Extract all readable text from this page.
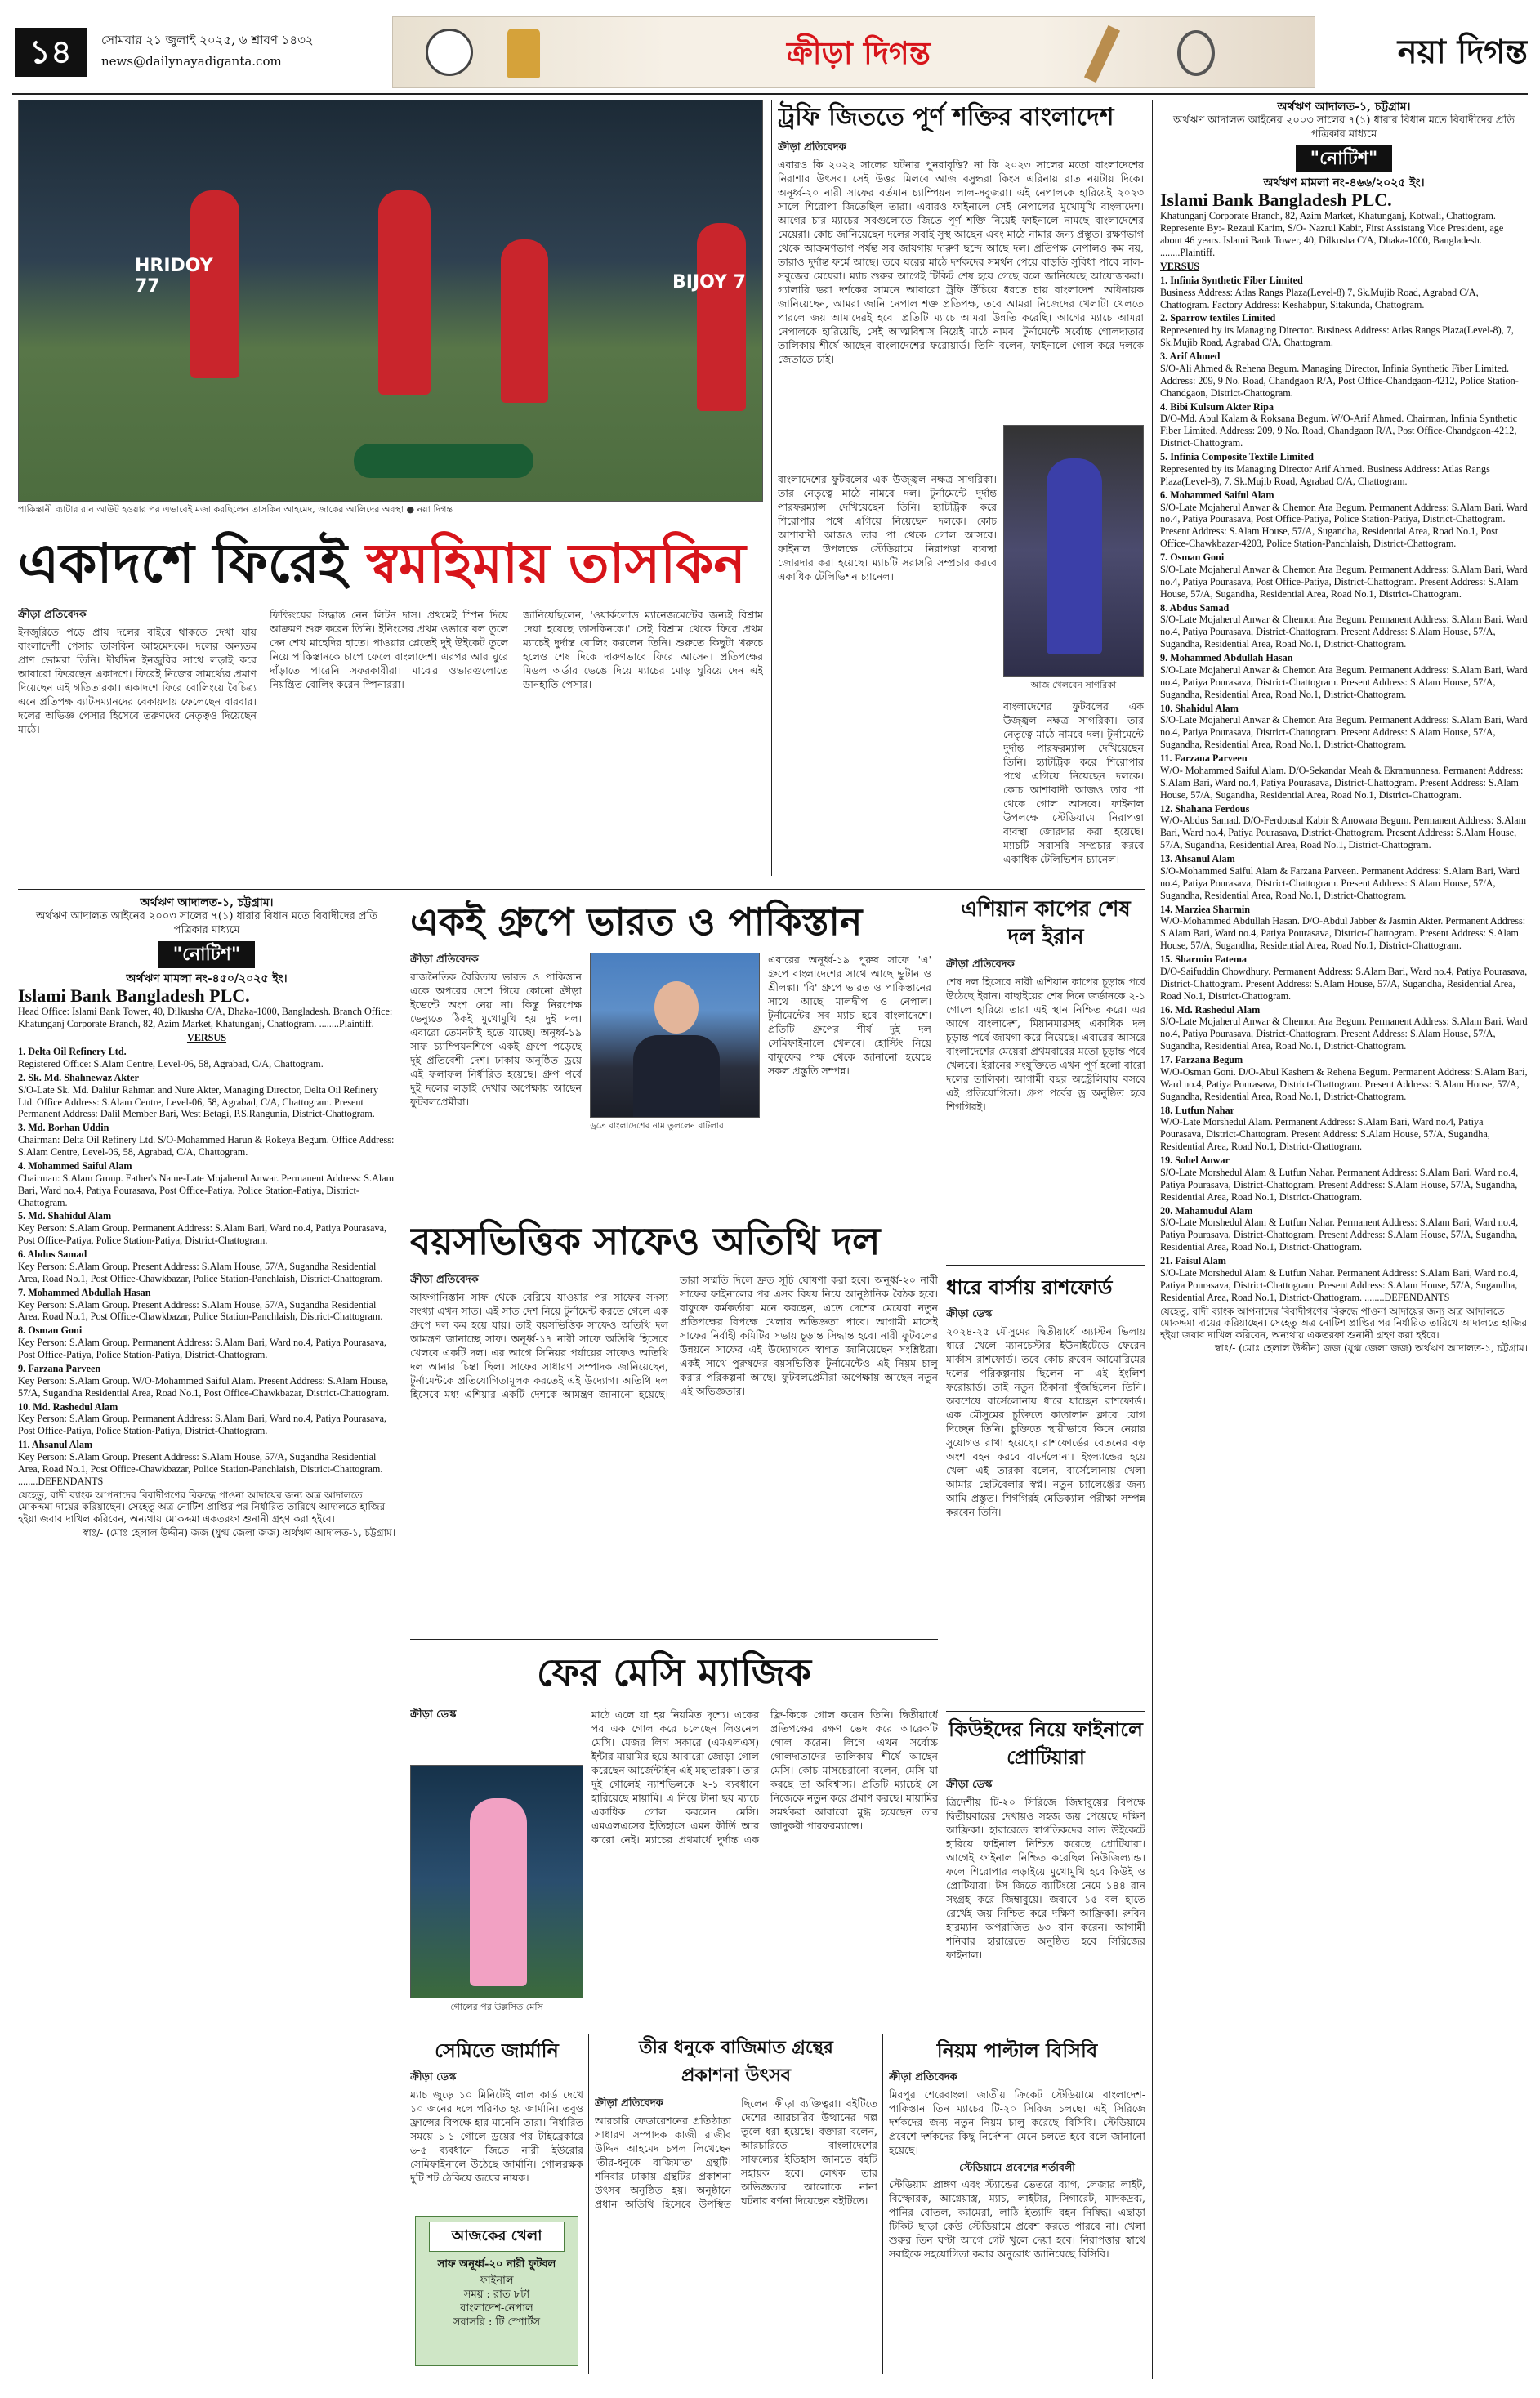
১৪	সোমবার ২১ জুলাই ২০২৫, ৬ শ্রাবণ ১৪৩২
news@dailynayadiganta.com	ক্রীড়া দিগন্ত	নয়া দিগন্ত
HRIDOY 77	BIJOY 7
পাকিস্তানী ব্যাটার রান আউট হওয়ার পর এভাবেই মজা করছিলেন তাসকিন আহমেদ, জাকের আলিদের অবস্থা ● নয়া দিগন্ত
একাদশে ফিরেই স্বমহিমায় তাসকিন
ক্রীড়া প্রতিবেদক
ইনজুরিতে পড়ে প্রায় দলের বাইরে থাকতে দেখা যায় বাংলাদেশী পেসার তাসকিন আহমেদকে। দলের অন্যতম প্রাণ ভোমরা তিনি। দীর্ঘদিন ইনজুরির সাথে লড়াই করে আবারো ফিরেছেন একাদশে। ফিরেই নিজের সামর্থ্যের প্রমাণ দিয়েছেন এই গতিতারকা। একাদশে ফিরে বোলিংয়ে বৈচিত্র্য এনে প্রতিপক্ষ ব্যাটসম্যানদের বেকায়দায় ফেলেছেন বারবার। দলের অভিজ্ঞ পেসার হিসেবে তরুণদের নেতৃত্বও দিয়েছেন মাঠে।
ফিল্ডিংয়ের সিদ্ধান্ত নেন লিটন দাস। প্রথমেই স্পিন দিয়ে আক্রমণ শুরু করেন তিনি। ইনিংসের প্রথম ওভারে বল তুলে দেন শেখ মাহেদির হাতে। পাওয়ার প্লেতেই দুই উইকেট তুলে নিয়ে পাকিস্তানকে চাপে ফেলে বাংলাদেশ। এরপর আর ঘুরে দাঁড়াতে পারেনি সফরকারীরা। মাঝের ওভারগুলোতে নিয়ন্ত্রিত বোলিং করেন স্পিনাররা।
জানিয়েছিলেন, 'ওয়ার্কলোড ম্যানেজমেন্টের জন্যই বিশ্রাম দেয়া হয়েছে তাসকিনকে।' সেই বিশ্রাম থেকে ফিরে প্রথম ম্যাচেই দুর্দান্ত বোলিং করলেন তিনি। শুরুতে কিছুটা খরুচে হলেও শেষ দিকে দারুণভাবে ফিরে আসেন। প্রতিপক্ষের মিডল অর্ডার ভেঙে দিয়ে ম্যাচের মোড় ঘুরিয়ে দেন এই ডানহাতি পেসার।
ট্রফি জিততে পূর্ণ শক্তির বাংলাদেশ
ক্রীড়া প্রতিবেদক
এবারও কি ২০২২ সালের ঘটনার পুনরাবৃত্তি? না কি ২০২৩ সালের মতো বাংলাদেশের নিরাশার উৎসব। সেই উত্তর মিলবে আজ বসুন্ধরা কিংস এরিনায় রাত নয়টায় দিকে। অনূর্ধ্ব-২০ নারী সাফের বর্তমান চ্যাম্পিয়ন লাল-সবুজরা। এই নেপালকে হারিয়েই ২০২৩ সালে শিরোপা জিতেছিল তারা। এবারও ফাইনালে সেই নেপালের মুখোমুখি বাংলাদেশ। আগের চার ম্যাচের সবগুলোতে জিতে পূর্ণ শক্তি নিয়েই ফাইনালে নামছে বাংলাদেশের মেয়েরা। কোচ জানিয়েছেন দলের সবাই সুস্থ আছেন এবং মাঠে নামার জন্য প্রস্তুত। রক্ষণভাগ থেকে আক্রমণভাগ পর্যন্ত সব জায়গায় দারুণ ছন্দে আছে দল। প্রতিপক্ষ নেপালও কম নয়, তারাও দুর্দান্ত ফর্মে আছে। তবে ঘরের মাঠে দর্শকদের সমর্থন পেয়ে বাড়তি সুবিধা পাবে লাল-সবুজের মেয়েরা। ম্যাচ শুরুর আগেই টিকিট শেষ হয়ে গেছে বলে জানিয়েছে আয়োজকরা। গ্যালারি ভরা দর্শকের সামনে আবারো ট্রফি উঁচিয়ে ধরতে চায় বাংলাদেশ। অধিনায়ক জানিয়েছেন, আমরা জানি নেপাল শক্ত প্রতিপক্ষ, তবে আমরা নিজেদের খেলাটা খেলতে পারলে জয় আমাদেরই হবে। প্রতিটি ম্যাচে আমরা উন্নতি করেছি। আগের ম্যাচে আমরা নেপালকে হারিয়েছি, সেই আত্মবিশ্বাস নিয়েই মাঠে নামব। টুর্নামেন্টে সর্বোচ্চ গোলদাতার তালিকায় শীর্ষে আছেন বাংলাদেশের ফরোয়ার্ড। তিনি বলেন, ফাইনালে গোল করে দলকে জেতাতে চাই।
বাংলাদেশের ফুটবলের এক উজ্জ্বল নক্ষত্র সাগরিকা। তার নেতৃত্বে মাঠে নামবে দল। টুর্নামেন্টে দুর্দান্ত পারফরম্যান্স দেখিয়েছেন তিনি। হ্যাটট্রিক করে শিরোপার পথে এগিয়ে নিয়েছেন দলকে। কোচ আশাবাদী আজও তার পা থেকে গোল আসবে। ফাইনাল উপলক্ষে স্টেডিয়ামে নিরাপত্তা ব্যবস্থা জোরদার করা হয়েছে। ম্যাচটি সরাসরি সম্প্রচার করবে একাধিক টেলিভিশন চ্যানেল।
আজ খেলবেন সাগরিকা
বাংলাদেশের ফুটবলের এক উজ্জ্বল নক্ষত্র সাগরিকা। তার নেতৃত্বে মাঠে নামবে দল। টুর্নামেন্টে দুর্দান্ত পারফরম্যান্স দেখিয়েছেন তিনি। হ্যাটট্রিক করে শিরোপার পথে এগিয়ে নিয়েছেন দলকে। কোচ আশাবাদী আজও তার পা থেকে গোল আসবে। ফাইনাল উপলক্ষে স্টেডিয়ামে নিরাপত্তা ব্যবস্থা জোরদার করা হয়েছে। ম্যাচটি সরাসরি সম্প্রচার করবে একাধিক টেলিভিশন চ্যানেল।
অর্থঋণ আদালত-১, চট্টগ্রাম।
অর্থঋণ আদালত আইনের ২০০৩ সালের ৭(১) ধারার বিধান মতে বিবাদীদের প্রতি পত্রিকার মাধ্যমে
"নোটিশ"
অর্থঋণ মামলা নং-৪৫০/২০২৫ ইং।
Islami Bank Bangladesh PLC.
Head Office: Islami Bank Tower, 40, Dilkusha C/A, Dhaka-1000, Bangladesh. Branch Office: Khatunganj Corporate Branch, 82, Azim Market, Khatunganj, Chattogram. ........Plaintiff.
VERSUS
1. Delta Oil Refinery Ltd.
Registered Office: S.Alam Centre, Level-06, 58, Agrabad, C/A, Chattogram.
2. Sk. Md. Shahnewaz Akter
S/O-Late Sk. Md. Dalilur Rahman and Nure Akter, Managing Director, Delta Oil Refinery Ltd. Office Address: S.Alam Centre, Level-06, 58, Agrabad, C/A, Chattogram. Present Permanent Address: Dalil Member Bari, West Betagi, P.S.Rangunia, District-Chattogram.
3. Md. Borhan Uddin
Chairman: Delta Oil Refinery Ltd. S/O-Mohammed Harun & Rokeya Begum. Office Address: S.Alam Centre, Level-06, 58, Agrabad, C/A, Chattogram.
4. Mohammed Saiful Alam
Chairman: S.Alam Group. Father's Name-Late Mojaherul Anwar. Permanent Address: S.Alam Bari, Ward no.4, Patiya Pourasava, Post Office-Patiya, Police Station-Patiya, District-Chattogram.
5. Md. Shahidul Alam
Key Person: S.Alam Group. Permanent Address: S.Alam Bari, Ward no.4, Patiya Pourasava, Post Office-Patiya, Police Station-Patiya, District-Chattogram.
6. Abdus Samad
Key Person: S.Alam Group. Present Address: S.Alam House, 57/A, Sugandha Residential Area, Road No.1, Post Office-Chawkbazar, Police Station-Panchlaish, District-Chattogram.
7. Mohammed Abdullah Hasan
Key Person: S.Alam Group. Present Address: S.Alam House, 57/A, Sugandha Residential Area, Road No.1, Post Office-Chawkbazar, Police Station-Panchlaish, District-Chattogram.
8. Osman Goni
Key Person: S.Alam Group. Permanent Address: S.Alam Bari, Ward no.4, Patiya Pourasava, Post Office-Patiya, Police Station-Patiya, District-Chattogram.
9. Farzana Parveen
Key Person: S.Alam Group. W/O-Mohammed Saiful Alam. Present Address: S.Alam House, 57/A, Sugandha Residential Area, Road No.1, Post Office-Chawkbazar, District-Chattogram.
10. Md. Rashedul Alam
Key Person: S.Alam Group. Permanent Address: S.Alam Bari, Ward no.4, Patiya Pourasava, Post Office-Patiya, Police Station-Patiya, District-Chattogram.
11. Ahsanul Alam
Key Person: S.Alam Group. Present Address: S.Alam House, 57/A, Sugandha Residential Area, Road No.1, Post Office-Chawkbazar, Police Station-Panchlaish, District-Chattogram. ........DEFENDANTS
যেহেতু, বাদী ব্যাংক আপনাদের বিবাদীগণের বিরুদ্ধে পাওনা আদায়ের জন্য অত্র আদালতে মোকদ্দমা দায়ের করিয়াছেন। সেহেতু অত্র নোটিশ প্রাপ্তির পর নির্ধারিত তারিখে আদালতে হাজির হইয়া জবাব দাখিল করিবেন, অন্যথায় মোকদ্দমা একতরফা শুনানী গ্রহণ করা হইবে।
স্বাঃ/- (মোঃ হেলাল উদ্দীন) জজ (যুগ্ম জেলা জজ) অর্থঋণ আদালত-১, চট্টগ্রাম।
একই গ্রুপে ভারত ও পাকিস্তান
ক্রীড়া প্রতিবেদক
রাজনৈতিক বৈরিতায় ভারত ও পাকিস্তান একে অপরের দেশে গিয়ে কোনো ক্রীড়া ইভেন্টে অংশ নেয় না। কিন্তু নিরপেক্ষ ভেন্যুতে ঠিকই মুখোমুখি হয় দুই দল। এবারো তেমনটাই হতে যাচ্ছে। অনূর্ধ্ব-১৯ সাফ চ্যাম্পিয়নশিপে একই গ্রুপে পড়েছে দুই প্রতিবেশী দেশ। ঢাকায় অনুষ্ঠিত ড্রয়ে এই ফলাফল নির্ধারিত হয়েছে। গ্রুপ পর্বে দুই দলের লড়াই দেখার অপেক্ষায় আছেন ফুটবলপ্রেমীরা।
ড্রতে বাংলাদেশের নাম তুললেন বাটলার
এবারের অনূর্ধ্ব-১৯ পুরুষ সাফে 'এ' গ্রুপে বাংলাদেশের সাথে আছে ভুটান ও শ্রীলঙ্কা। 'বি' গ্রুপে ভারত ও পাকিস্তানের সাথে আছে মালদ্বীপ ও নেপাল। টুর্নামেন্টের সব ম্যাচ হবে বাংলাদেশে। প্রতিটি গ্রুপের শীর্ষ দুই দল সেমিফাইনালে খেলবে। হোস্টিং নিয়ে বাফুফের পক্ষ থেকে জানানো হয়েছে সকল প্রস্তুতি সম্পন্ন।
এশিয়ান কাপের শেষ দল ইরান
ক্রীড়া প্রতিবেদক
শেষ দল হিসেবে নারী এশিয়ান কাপের চূড়ান্ত পর্বে উঠেছে ইরান। বাছাইয়ের শেষ দিনে জর্ডানকে ২-১ গোলে হারিয়ে তারা এই স্থান নিশ্চিত করে। এর আগে বাংলাদেশ, মিয়ানমারসহ একাধিক দল চূড়ান্ত পর্বে জায়গা করে নিয়েছে। এবারের আসরে বাংলাদেশের মেয়েরা প্রথমবারের মতো চূড়ান্ত পর্বে খেলবে। ইরানের সংযুক্তিতে এখন পূর্ণ হলো বারো দলের তালিকা। আগামী বছর অস্ট্রেলিয়ায় বসবে এই প্রতিযোগিতা। গ্রুপ পর্বের ড্র অনুষ্ঠিত হবে শিগগিরই।
বয়সভিত্তিক সাফেও অতিথি দল
ক্রীড়া প্রতিবেদক
আফগানিস্তান সাফ থেকে বেরিয়ে যাওয়ার পর সাফের সদস্য সংখ্যা এখন সাত। এই সাত দেশ নিয়ে টুর্নামেন্ট করতে গেলে এক গ্রুপে দল কম হয়ে যায়। তাই বয়সভিত্তিক সাফেও অতিথি দল আমন্ত্রণ জানাচ্ছে সাফ। অনূর্ধ্ব-১৭ নারী সাফে অতিথি হিসেবে খেলবে একটি দল। এর আগে সিনিয়র পর্যায়ের সাফেও অতিথি দল আনার চিন্তা ছিল। সাফের সাধারণ সম্পাদক জানিয়েছেন, টুর্নামেন্টকে প্রতিযোগিতামূলক করতেই এই উদ্যোগ। অতিথি দল হিসেবে মধ্য এশিয়ার একটি দেশকে আমন্ত্রণ জানানো হয়েছে। তারা সম্মতি দিলে দ্রুত সূচি ঘোষণা করা হবে। অনূর্ধ্ব-২০ নারী সাফের ফাইনালের পর এসব বিষয় নিয়ে আনুষ্ঠানিক বৈঠক হবে। বাফুফে কর্মকর্তারা মনে করছেন, এতে দেশের মেয়েরা নতুন প্রতিপক্ষের বিপক্ষে খেলার অভিজ্ঞতা পাবে। আগামী মাসেই সাফের নির্বাহী কমিটির সভায় চূড়ান্ত সিদ্ধান্ত হবে। নারী ফুটবলের উন্নয়নে সাফের এই উদ্যোগকে স্বাগত জানিয়েছেন সংশ্লিষ্টরা। একই সাথে পুরুষদের বয়সভিত্তিক টুর্নামেন্টেও এই নিয়ম চালু করার পরিকল্পনা আছে। ফুটবলপ্রেমীরা অপেক্ষায় আছেন নতুন এই অভিজ্ঞতার।
ধারে বার্সায় রাশফোর্ড
ক্রীড়া ডেস্ক
২০২৪-২৫ মৌসুমের দ্বিতীয়ার্ধে অ্যাস্টন ভিলায় ধারে খেলে ম্যানচেস্টার ইউনাইটেডে ফেরেন মার্কাস রাশফোর্ড। তবে কোচ রুবেন আমোরিমের দলের পরিকল্পনায় ছিলেন না এই ইংলিশ ফরোয়ার্ড। তাই নতুন ঠিকানা খুঁজছিলেন তিনি। অবশেষে বার্সেলোনায় ধারে যাচ্ছেন রাশফোর্ড। এক মৌসুমের চুক্তিতে কাতালান ক্লাবে যোগ দিচ্ছেন তিনি। চুক্তিতে স্থায়ীভাবে কিনে নেয়ার সুযোগও রাখা হয়েছে। রাশফোর্ডের বেতনের বড় অংশ বহন করবে বার্সেলোনা। ইংল্যান্ডের হয়ে খেলা এই তারকা বলেন, বার্সেলোনায় খেলা আমার ছোটবেলার স্বপ্ন। নতুন চ্যালেঞ্জের জন্য আমি প্রস্তুত। শিগগিরই মেডিক্যাল পরীক্ষা সম্পন্ন করবেন তিনি।
ফের মেসি ম্যাজিক
ক্রীড়া ডেস্ক
গোলের পর উল্লসিত মেসি
মাঠে এলে যা হয় নিয়মিত দৃশ্যে। একের পর এক গোল করে চলেছেন লিওনেল মেসি। মেজর লিগ সকারে (এমএলএস) ইন্টার মায়ামির হয়ে আবারো জোড়া গোল করেছেন আর্জেন্টাইন এই মহাতারকা। তার দুই গোলেই ন্যাশভিলকে ২-১ ব্যবধানে হারিয়েছে মায়ামি। এ নিয়ে টানা ছয় ম্যাচে একাধিক গোল করলেন মেসি। এমএলএসের ইতিহাসে এমন কীর্তি আর কারো নেই। ম্যাচের প্রথমার্ধে দুর্দান্ত এক ফ্রি-কিকে গোল করেন তিনি। দ্বিতীয়ার্ধে প্রতিপক্ষের রক্ষণ ভেদ করে আরেকটি গোল করেন। লিগে এখন সর্বোচ্চ গোলদাতাদের তালিকায় শীর্ষে আছেন মেসি। কোচ মাসচেরানো বলেন, মেসি যা করছে তা অবিশ্বাস্য। প্রতিটি ম্যাচেই সে নিজেকে নতুন করে প্রমাণ করছে। মায়ামির সমর্থকরা আবারো মুগ্ধ হয়েছেন তার জাদুকরী পারফরম্যান্সে।
কিউইদের নিয়ে ফাইনালে প্রোটিয়ারা
ক্রীড়া ডেস্ক
ত্রিদেশীয় টি-২০ সিরিজে জিম্বাবুয়ের বিপক্ষে দ্বিতীয়বারের দেখায়ও সহজ জয় পেয়েছে দক্ষিণ আফ্রিকা। হারারেতে স্বাগতিকদের সাত উইকেটে হারিয়ে ফাইনাল নিশ্চিত করেছে প্রোটিয়ারা। আগেই ফাইনাল নিশ্চিত করেছিল নিউজিল্যান্ড। ফলে শিরোপার লড়াইয়ে মুখোমুখি হবে কিউই ও প্রোটিয়ারা। টস জিতে ব্যাটিংয়ে নেমে ১৪৪ রান সংগ্রহ করে জিম্বাবুয়ে। জবাবে ১৫ বল হাতে রেখেই জয় নিশ্চিত করে দক্ষিণ আফ্রিকা। রুবিন হারম্যান অপরাজিত ৬৩ রান করেন। আগামী শনিবার হারারেতে অনুষ্ঠিত হবে সিরিজের ফাইনাল।
সেমিতে জার্মানি
ক্রীড়া ডেস্ক
ম্যাচ জুড়ে ১০ মিনিটেই লাল কার্ড দেখে ১০ জনের দলে পরিণত হয় জার্মানি। তবুও ফ্রান্সের বিপক্ষে হার মানেনি তারা। নির্ধারিত সময়ে ১-১ গোলে ড্রয়ের পর টাইব্রেকারে ৬-৫ ব্যবধানে জিতে নারী ইউরোর সেমিফাইনালে উঠেছে জার্মানি। গোলরক্ষক দুটি শট ঠেকিয়ে জয়ের নায়ক।
আজকের খেলা
সাফ অনূর্ধ্ব-২০ নারী ফুটবল
ফাইনাল
সময় : রাত ৮টা
বাংলাদেশ-নেপাল
সরাসরি : টি স্পোর্টস
তীর ধনুকে বাজিমাত গ্রন্থের
প্রকাশনা উৎসব
ক্রীড়া প্রতিবেদক
আরচারি ফেডারেশনের প্রতিষ্ঠাতা সাধারণ সম্পাদক কাজী রাজীব উদ্দিন আহমেদ চপল লিখেছেন 'তীর-ধনুকে বাজিমাত' গ্রন্থটি। শনিবার ঢাকায় গ্রন্থটির প্রকাশনা উৎসব অনুষ্ঠিত হয়। অনুষ্ঠানে প্রধান অতিথি হিসেবে উপস্থিত ছিলেন ক্রীড়া ব্যক্তিত্বরা। বইটিতে দেশের আরচারির উত্থানের গল্প তুলে ধরা হয়েছে। বক্তারা বলেন, আরচারিতে বাংলাদেশের সাফল্যের ইতিহাস জানতে বইটি সহায়ক হবে। লেখক তার অভিজ্ঞতার আলোকে নানা ঘটনার বর্ণনা দিয়েছেন বইটিতে।
নিয়ম পাল্টাল বিসিবি
ক্রীড়া প্রতিবেদক
মিরপুর শেরেবাংলা জাতীয় ক্রিকেট স্টেডিয়ামে বাংলাদেশ-পাকিস্তান তিন ম্যাচের টি-২০ সিরিজ চলছে। এই সিরিজে দর্শকদের জন্য নতুন নিয়ম চালু করেছে বিসিবি। স্টেডিয়ামে প্রবেশে দর্শকদের কিছু নির্দেশনা মেনে চলতে হবে বলে জানানো হয়েছে।
স্টেডিয়ামে প্রবেশের শর্তাবলী
স্টেডিয়াম প্রাঙ্গণ এবং স্ট্যান্ডের ভেতরে ব্যাগ, লেজার লাইট, বিস্ফোরক, আগ্নেয়াস্ত্র, ম্যাচ, লাইটার, সিগারেট, মাদকদ্রব্য, পানির বোতল, ক্যামেরা, লাঠি ইত্যাদি বহন নিষিদ্ধ। এছাড়া টিকিট ছাড়া কেউ স্টেডিয়ামে প্রবেশ করতে পারবে না। খেলা শুরুর তিন ঘণ্টা আগে গেট খুলে দেয়া হবে। নিরাপত্তার স্বার্থে সবাইকে সহযোগিতা করার অনুরোধ জানিয়েছে বিসিবি।
অর্থঋণ আদালত-১, চট্টগ্রাম।
অর্থঋণ আদালত আইনের ২০০৩ সালের ৭(১) ধারার বিধান মতে বিবাদীদের প্রতি পত্রিকার মাধ্যমে
"নোটিশ"
অর্থঋণ মামলা নং-৪৬৬/২০২৫ ইং।
Islami Bank Bangladesh PLC.
Khatunganj Corporate Branch, 82, Azim Market, Khatunganj, Kotwali, Chattogram. Represente By:- Rezaul Karim, S/O- Nazrul Kabir, First Assistang Vice President, age about 46 years. Islami Bank Tower, 40, Dilkusha C/A, Dhaka-1000, Bangladesh. ........Plaintiff.
VERSUS
1. Infinia Synthetic Fiber Limited
Business Address: Atlas Rangs Plaza(Level-8) 7, Sk.Mujib Road, Agrabad C/A, Chattogram. Factory Address: Keshabpur, Sitakunda, Chattogram.
2. Sparrow textiles Limited
Represented by its Managing Director. Business Address: Atlas Rangs Plaza(Level-8), 7, Sk.Mujib Road, Agrabad C/A, Chattogram.
3. Arif Ahmed
S/O-Ali Ahmed & Rehena Begum. Managing Director, Infinia Synthetic Fiber Limited. Address: 209, 9 No. Road, Chandgaon R/A, Post Office-Chandgaon-4212, Police Station-Chandgaon, District-Chattogram.
4. Bibi Kulsum Akter Ripa
D/O-Md. Abul Kalam & Roksana Begum. W/O-Arif Ahmed. Chairman, Infinia Synthetic Fiber Limited. Address: 209, 9 No. Road, Chandgaon R/A, Post Office-Chandgaon-4212, District-Chattogram.
5. Infinia Composite Textile Limited
Represented by its Managing Director Arif Ahmed. Business Address: Atlas Rangs Plaza(Level-8), 7, Sk.Mujib Road, Agrabad C/A, Chattogram.
6. Mohammed Saiful Alam
S/O-Late Mojaherul Anwar & Chemon Ara Begum. Permanent Address: S.Alam Bari, Ward no.4, Patiya Pourasava, Post Office-Patiya, Police Station-Patiya, District-Chattogram. Present Address: S.Alam House, 57/A, Sugandha, Residential Area, Road No.1, Post Office-Chawkbazar-4203, Police Station-Panchlaish, District-Chattogram.
7. Osman Goni
S/O-Late Mojaherul Anwar & Chemon Ara Begum. Permanent Address: S.Alam Bari, Ward no.4, Patiya Pourasava, Post Office-Patiya, District-Chattogram. Present Address: S.Alam House, 57/A, Sugandha, Residential Area, Road No.1, District-Chattogram.
8. Abdus Samad
S/O-Late Mojaherul Anwar & Chemon Ara Begum. Permanent Address: S.Alam Bari, Ward no.4, Patiya Pourasava, District-Chattogram. Present Address: S.Alam House, 57/A, Sugandha, Residential Area, Road No.1, District-Chattogram.
9. Mohammed Abdullah Hasan
S/O-Late Mojaherul Anwar & Chemon Ara Begum. Permanent Address: S.Alam Bari, Ward no.4, Patiya Pourasava, District-Chattogram. Present Address: S.Alam House, 57/A, Sugandha, Residential Area, Road No.1, District-Chattogram.
10. Shahidul Alam
S/O-Late Mojaherul Anwar & Chemon Ara Begum. Permanent Address: S.Alam Bari, Ward no.4, Patiya Pourasava, District-Chattogram. Present Address: S.Alam House, 57/A, Sugandha, Residential Area, Road No.1, District-Chattogram.
11. Farzana Parveen
W/O- Mohammed Saiful Alam. D/O-Sekandar Meah & Ekramunnesa. Permanent Address: S.Alam Bari, Ward no.4, Patiya Pourasava, District-Chattogram. Present Address: S.Alam House, 57/A, Sugandha, Residential Area, Road No.1, District-Chattogram.
12. Shahana Ferdous
W/O-Abdus Samad. D/O-Ferdousul Kabir & Anowara Begum. Permanent Address: S.Alam Bari, Ward no.4, Patiya Pourasava, District-Chattogram. Present Address: S.Alam House, 57/A, Sugandha, Residential Area, Road No.1, District-Chattogram.
13. Ahsanul Alam
S/O-Mohammed Saiful Alam & Farzana Parveen. Permanent Address: S.Alam Bari, Ward no.4, Patiya Pourasava, District-Chattogram. Present Address: S.Alam House, 57/A, Sugandha, Residential Area, Road No.1, District-Chattogram.
14. Marziea Sharmin
W/O-Mohammed Abdullah Hasan. D/O-Abdul Jabber & Jasmin Akter. Permanent Address: S.Alam Bari, Ward no.4, Patiya Pourasava, District-Chattogram. Present Address: S.Alam House, 57/A, Sugandha, Residential Area, Road No.1, District-Chattogram.
15. Sharmin Fatema
D/O-Saifuddin Chowdhury. Permanent Address: S.Alam Bari, Ward no.4, Patiya Pourasava, District-Chattogram. Present Address: S.Alam House, 57/A, Sugandha, Residential Area, Road No.1, District-Chattogram.
16. Md. Rashedul Alam
S/O-Late Mojaherul Anwar & Chemon Ara Begum. Permanent Address: S.Alam Bari, Ward no.4, Patiya Pourasava, District-Chattogram. Present Address: S.Alam House, 57/A, Sugandha, Residential Area, Road No.1, District-Chattogram.
17. Farzana Begum
W/O-Osman Goni. D/O-Abul Kashem & Rehena Begum. Permanent Address: S.Alam Bari, Ward no.4, Patiya Pourasava, District-Chattogram. Present Address: S.Alam House, 57/A, Sugandha, Residential Area, Road No.1, District-Chattogram.
18. Lutfun Nahar
W/O-Late Morshedul Alam. Permanent Address: S.Alam Bari, Ward no.4, Patiya Pourasava, District-Chattogram. Present Address: S.Alam House, 57/A, Sugandha, Residential Area, Road No.1, District-Chattogram.
19. Sohel Anwar
S/O-Late Morshedul Alam & Lutfun Nahar. Permanent Address: S.Alam Bari, Ward no.4, Patiya Pourasava, District-Chattogram. Present Address: S.Alam House, 57/A, Sugandha, Residential Area, Road No.1, District-Chattogram.
20. Mahamudul Alam
S/O-Late Morshedul Alam & Lutfun Nahar. Permanent Address: S.Alam Bari, Ward no.4, Patiya Pourasava, District-Chattogram. Present Address: S.Alam House, 57/A, Sugandha, Residential Area, Road No.1, District-Chattogram.
21. Faisul Alam
S/O-Late Morshedul Alam & Lutfun Nahar. Permanent Address: S.Alam Bari, Ward no.4, Patiya Pourasava, District-Chattogram. Present Address: S.Alam House, 57/A, Sugandha, Residential Area, Road No.1, District-Chattogram. ........DEFENDANTS
যেহেতু, বাদী ব্যাংক আপনাদের বিবাদীগণের বিরুদ্ধে পাওনা আদায়ের জন্য অত্র আদালতে মোকদ্দমা দায়ের করিয়াছেন। সেহেতু অত্র নোটিশ প্রাপ্তির পর নির্ধারিত তারিখে আদালতে হাজির হইয়া জবাব দাখিল করিবেন, অন্যথায় একতরফা শুনানী গ্রহণ করা হইবে।
স্বাঃ/- (মোঃ হেলাল উদ্দীন) জজ (যুগ্ম জেলা জজ) অর্থঋণ আদালত-১, চট্টগ্রাম।
